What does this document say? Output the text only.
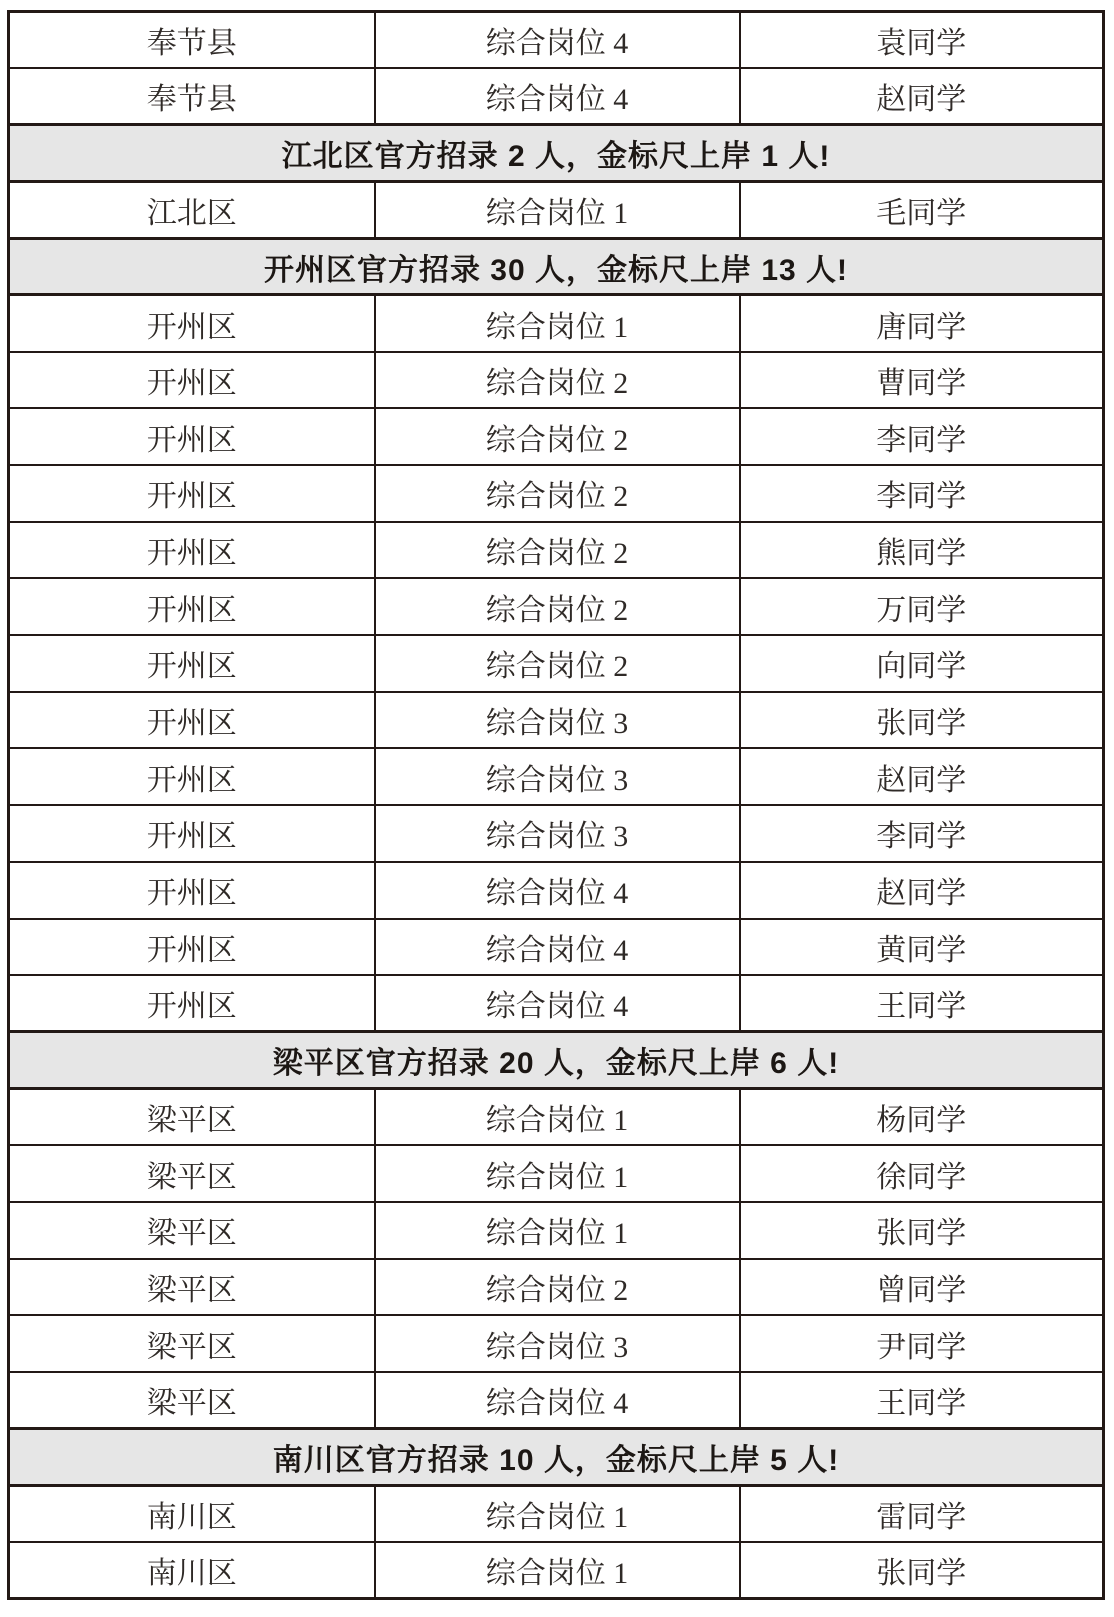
奉节县	综合岗位 4	袁同学
奉节县	综合岗位 4	赵同学
江北区官方招录 2 人，金标尺上岸 1 人!		
江北区	综合岗位 1	毛同学
开州区官方招录 30 人，金标尺上岸 13 人!		
开州区	综合岗位 1	唐同学
开州区	综合岗位 2	曹同学
开州区	综合岗位 2	李同学
开州区	综合岗位 2	李同学
开州区	综合岗位 2	熊同学
开州区	综合岗位 2	万同学
开州区	综合岗位 2	向同学
开州区	综合岗位 3	张同学
开州区	综合岗位 3	赵同学
开州区	综合岗位 3	李同学
开州区	综合岗位 4	赵同学
开州区	综合岗位 4	黄同学
开州区	综合岗位 4	王同学
梁平区官方招录 20 人，金标尺上岸 6 人!		
梁平区	综合岗位 1	杨同学
梁平区	综合岗位 1	徐同学
梁平区	综合岗位 1	张同学
梁平区	综合岗位 2	曾同学
梁平区	综合岗位 3	尹同学
梁平区	综合岗位 4	王同学
南川区官方招录 10 人，金标尺上岸 5 人!		
南川区	综合岗位 1	雷同学
南川区	综合岗位 1	张同学
